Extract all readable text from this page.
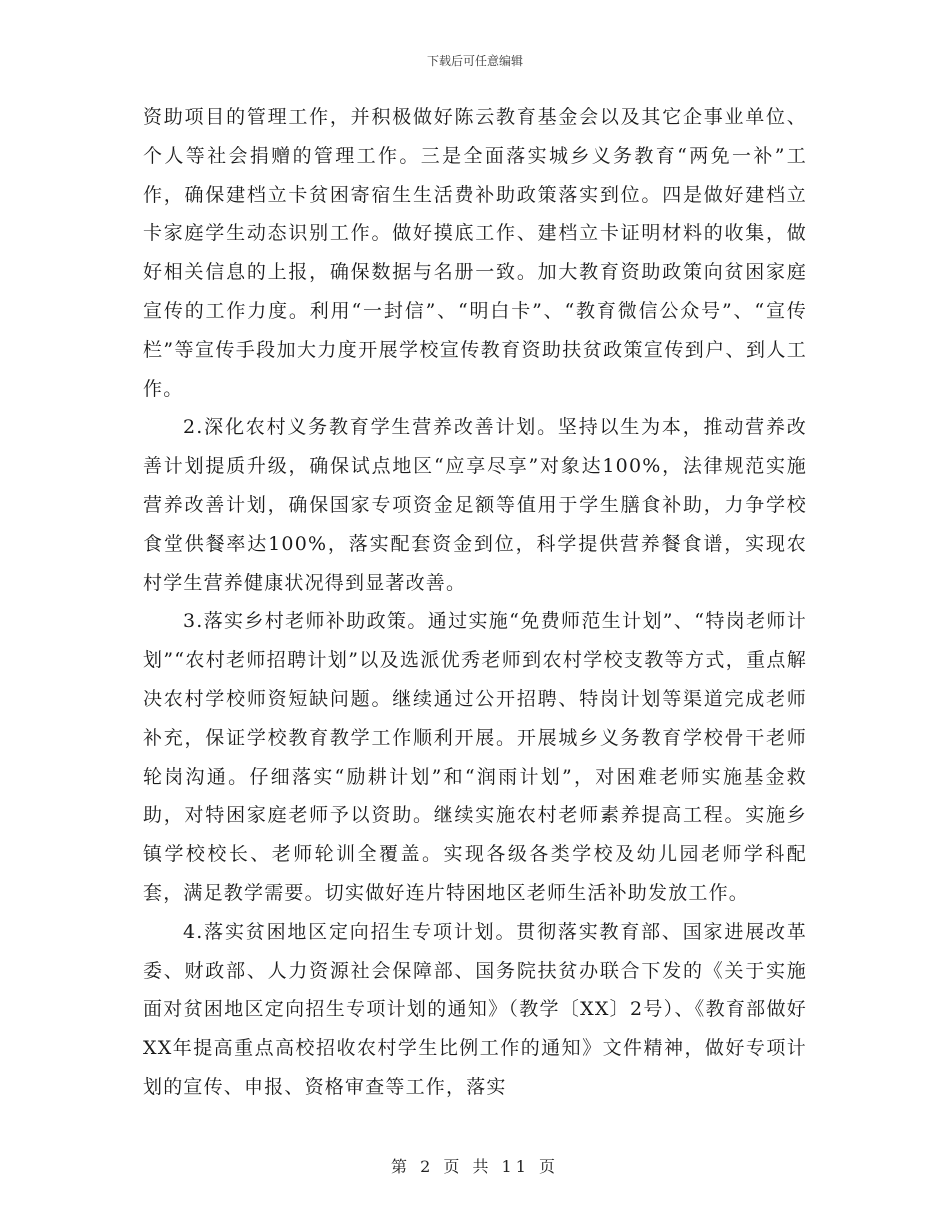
下载后可任意编辑

资助项目的管理工作，并积极做好陈云教育基金会以及其它企事业单位、个人等社会捐赠的管理工作。三是全面落实城乡义务教育“两免一补”工作，确保建档立卡贫困寄宿生生活费补助政策落实到位。四是做好建档立卡家庭学生动态识别工作。做好摸底工作、建档立卡证明材料的收集，做好相关信息的上报，确保数据与名册一致。加大教育资助政策向贫困家庭宣传的工作力度。利用“一封信”、“明白卡”、“教育微信公众号”、“宣传栏”等宣传手段加大力度开展学校宣传教育资助扶贫政策宣传到户、到人工作。

2.深化农村义务教育学生营养改善计划。坚持以生为本，推动营养改善计划提质升级，确保试点地区“应享尽享”对象达100%，法律规范实施营养改善计划，确保国家专项资金足额等值用于学生膳食补助，力争学校食堂供餐率达100%，落实配套资金到位，科学提供营养餐食谱，实现农村学生营养健康状况得到显著改善。

3.落实乡村老师补助政策。通过实施“免费师范生计划”、“特岗老师计划”“农村老师招聘计划”以及选派优秀老师到农村学校支教等方式，重点解决农村学校师资短缺问题。继续通过公开招聘、特岗计划等渠道完成老师补充，保证学校教育教学工作顺利开展。开展城乡义务教育学校骨干老师轮岗沟通。仔细落实“励耕计划”和“润雨计划”，对困难老师实施基金救助，对特困家庭老师予以资助。继续实施农村老师素养提高工程。实施乡镇学校校长、老师轮训全覆盖。实现各级各类学校及幼儿园老师学科配套，满足教学需要。切实做好连片特困地区老师生活补助发放工作。

4.落实贫困地区定向招生专项计划。贯彻落实教育部、国家进展改革委、财政部、人力资源社会保障部、国务院扶贫办联合下发的《关于实施面对贫困地区定向招生专项计划的通知》（教学〔XX〕2号）、《教育部做好XX年提高重点高校招收农村学生比例工作的通知》文件精神，做好专项计划的宣传、申报、资格审查等工作，落实

第 2 页 共 11 页
